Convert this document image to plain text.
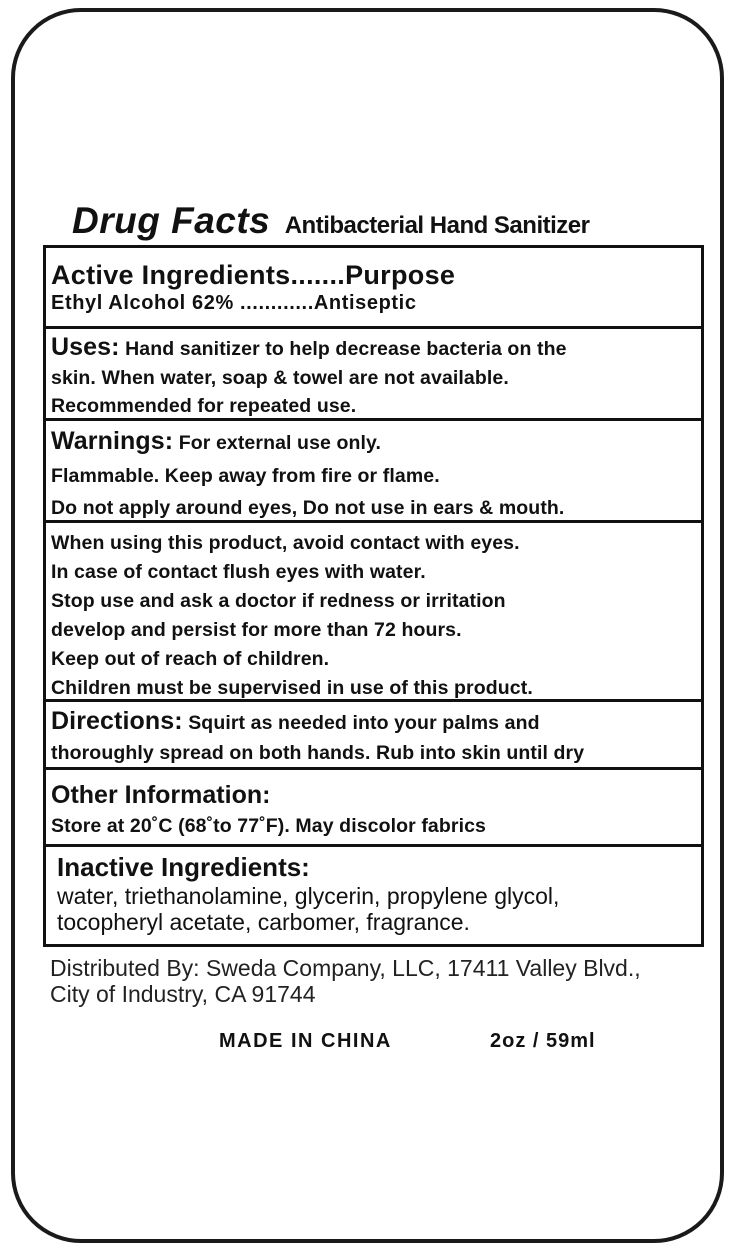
Drug Facts Antibacterial Hand Sanitizer
Active Ingredients.......Purpose
Ethyl Alcohol 62% ............Antiseptic
Uses: Hand sanitizer to help decrease bacteria on the
skin. When water, soap & towel are not available.
Recommended for repeated use.
Warnings: For external use only.
Flammable. Keep away from fire or flame.
Do not apply around eyes, Do not use in ears & mouth.
When using this product, avoid contact with eyes.
In case of contact flush eyes with water.
Stop use and ask a doctor if redness or irritation
develop and persist for more than 72 hours.
Keep out of reach of children.
Children must be supervised in use of this product.
Directions: Squirt as needed into your palms and
thoroughly spread on both hands. Rub into skin until dry
Other Information:
Store at 20˚C (68˚to 77˚F). May discolor fabrics
Inactive Ingredients:
water, triethanolamine, glycerin, propylene glycol,
tocopheryl acetate, carbomer, fragrance.
Distributed By: Sweda Company, LLC, 17411 Valley Blvd.,
City of Industry, CA 91744
MADE IN CHINA	2oz / 59ml
